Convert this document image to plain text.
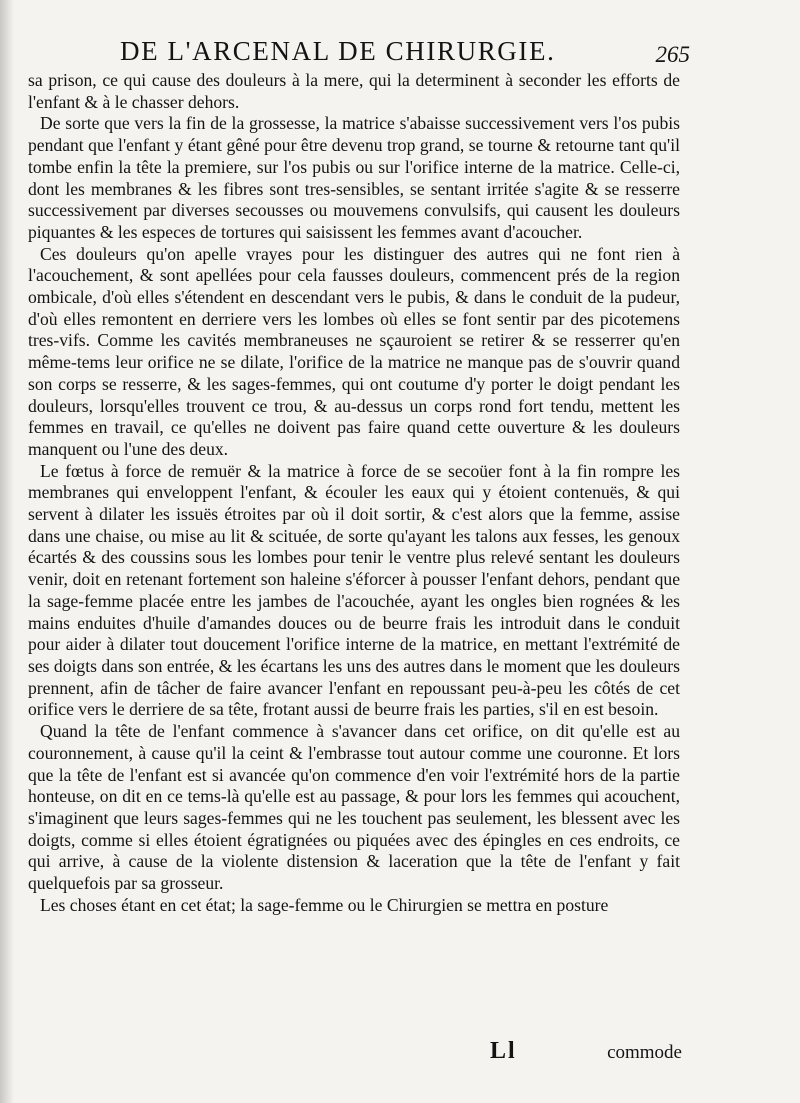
DE L'ARCENAL DE CHIRURGIE.	265

sa prison, ce qui cause des douleurs à la mere, qui la determinent à seconder les efforts de l'enfant & à le chasser dehors.

De sorte que vers la fin de la grossesse, la matrice s'abaisse successivement vers l'os pubis pendant que l'enfant y étant gêné pour être devenu trop grand, se tourne & retourne tant qu'il tombe enfin la tête la premiere, sur l'os pubis ou sur l'orifice interne de la matrice. Celle-ci, dont les membranes & les fibres sont tres-sensibles, se sentant irritée s'agite & se resserre successivement par diverses secousses ou mouvemens convulsifs, qui causent les douleurs piquantes & les especes de tortures qui saisissent les femmes avant d'acoucher.

Ces douleurs qu'on apelle vrayes pour les distinguer des autres qui ne font rien à l'acouchement, & sont apellées pour cela fausses douleurs, commencent prés de la region ombicale, d'où elles s'étendent en descendant vers le pubis, & dans le conduit de la pudeur, d'où elles remontent en derriere vers les lombes où elles se font sentir par des picotemens tres-vifs. Comme les cavités membraneuses ne sçauroient se retirer & se resserrer qu'en même-tems leur orifice ne se dilate, l'orifice de la matrice ne manque pas de s'ouvrir quand son corps se resserre, & les sages-femmes, qui ont coutume d'y porter le doigt pendant les douleurs, lorsqu'elles trouvent ce trou, & au-dessus un corps rond fort tendu, mettent les femmes en travail, ce qu'elles ne doivent pas faire quand cette ouverture & les douleurs manquent ou l'une des deux.

Le fœtus à force de remuër & la matrice à force de se secoüer font à la fin rompre les membranes qui enveloppent l'enfant, & écouler les eaux qui y étoient contenuës, & qui servent à dilater les issuës étroites par où il doit sortir, & c'est alors que la femme, assise dans une chaise, ou mise au lit & scituée, de sorte qu'ayant les talons aux fesses, les genoux écartés & des coussins sous les lombes pour tenir le ventre plus relevé sentant les douleurs venir, doit en retenant fortement son haleine s'éforcer à pousser l'enfant dehors, pendant que la sage-femme placée entre les jambes de l'acouchée, ayant les ongles bien rognées & les mains enduites d'huile d'amandes douces ou de beurre frais les introduit dans le conduit pour aider à dilater tout doucement l'orifice interne de la matrice, en mettant l'extrémité de ses doigts dans son entrée, & les écartans les uns des autres dans le moment que les douleurs prennent, afin de tâcher de faire avancer l'enfant en repoussant peu-à-peu les côtés de cet orifice vers le derriere de sa tête, frotant aussi de beurre frais les parties, s'il en est besoin.

Quand la tête de l'enfant commence à s'avancer dans cet orifice, on dit qu'elle est au couronnement, à cause qu'il la ceint & l'embrasse tout autour comme une couronne. Et lors que la tête de l'enfant est si avancée qu'on commence d'en voir l'extrémité hors de la partie honteuse, on dit en ce tems-là qu'elle est au passage, & pour lors les femmes qui acouchent, s'imaginent que leurs sages-femmes qui ne les touchent pas seulement, les blessent avec les doigts, comme si elles étoient égratignées ou piquées avec des épingles en ces endroits, ce qui arrive, à cause de la violente distension & laceration que la tête de l'enfant y fait quelquefois par sa grosseur.

Les choses étant en cet état; la sage-femme ou le Chirurgien se mettra en posture

Ll	commode
